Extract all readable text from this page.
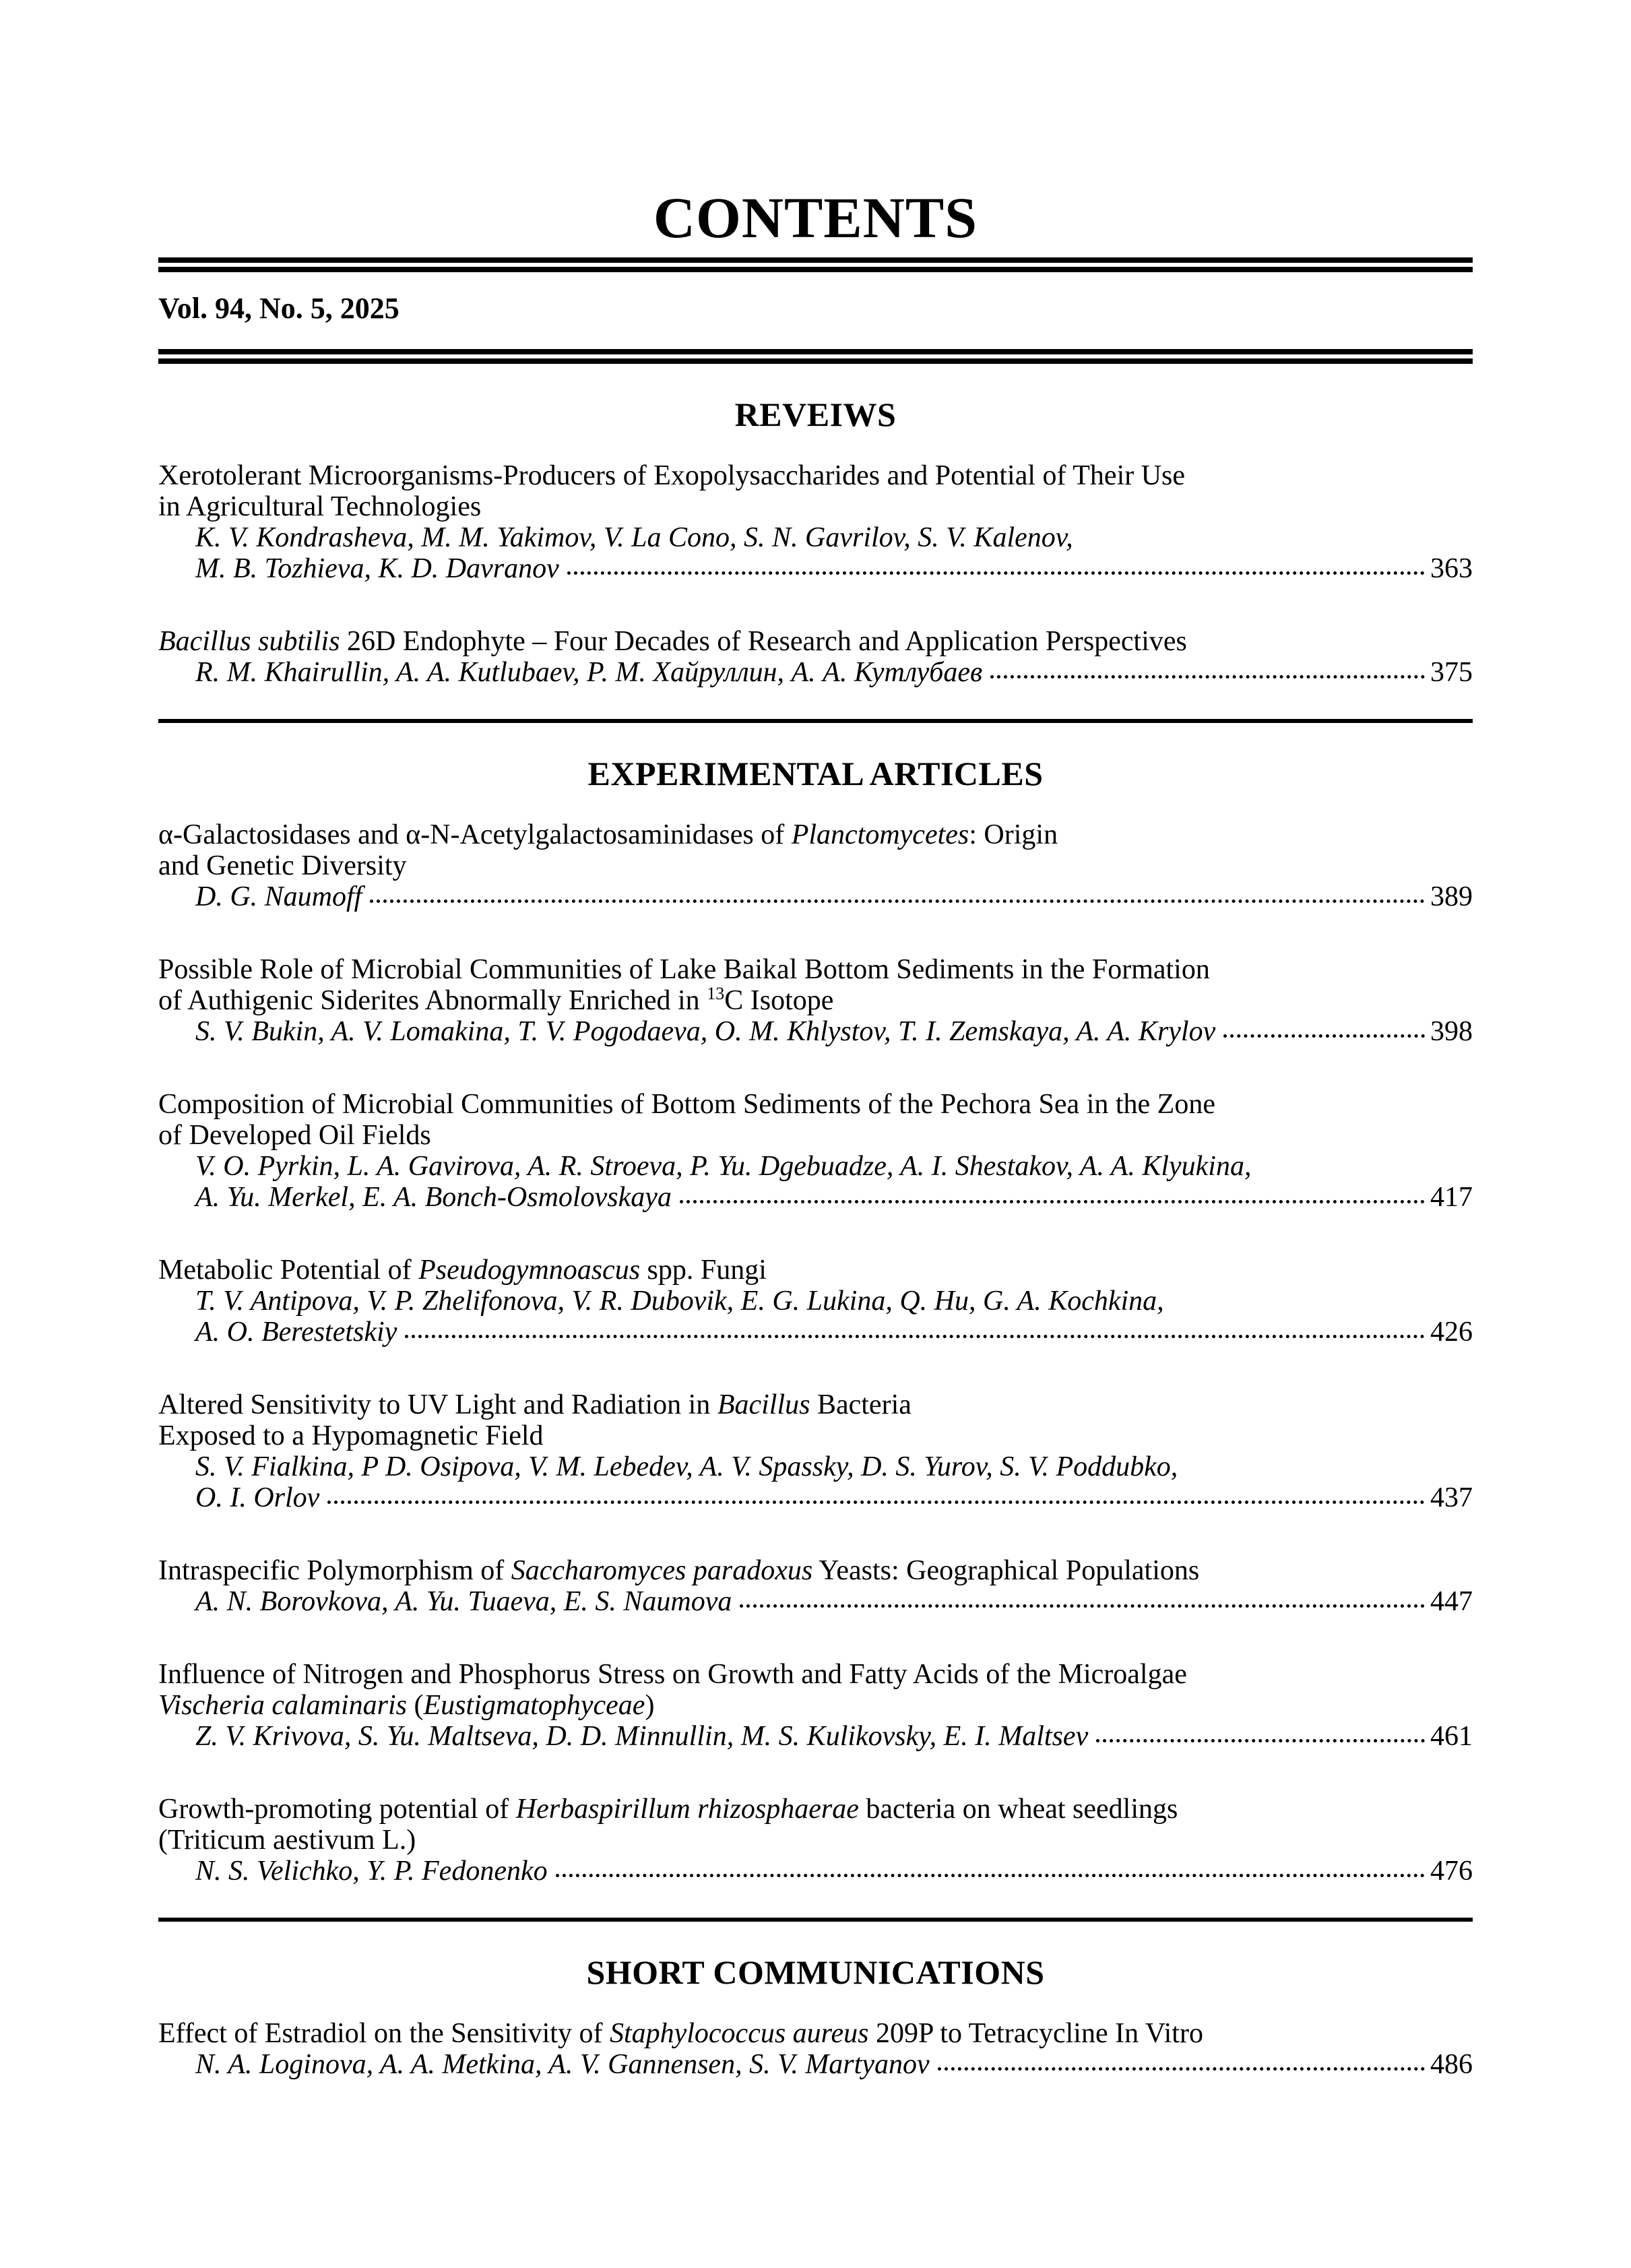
CONTENTS
Vol. 94, No. 5, 2025
REVEIWS
Xerotolerant Microorganisms-Producers of Exopolysaccharides and Potential of Their Use
in Agricultural Technologies
K. V. Kondrasheva, M. M. Yakimov, V. La Cono, S. N. Gavrilov, S. V. Kalenov,
M. B. Tozhieva, K. D. Davranov	363
Bacillus subtilis 26D Endophyte – Four Decades of Research and Application Perspectives
R. M. Khairullin, A. A. Kutlubaev, Р. М. Хайруллин, А. А. Кутлубаев	375
EXPERIMENTAL ARTICLES
α-Galactosidases and α-N-Acetylgalactosaminidases of Planctomycetes: Origin
and Genetic Diversity
D. G. Naumoff	389
Possible Role of Microbial Communities of Lake Baikal Bottom Sediments in the Formation
of Authigenic Siderites Abnormally Enriched in $^{13}$C Isotope
S. V. Bukin, A. V. Lomakina, T. V. Pogodaeva, O. M. Khlystov, T. I. Zemskaya, A. A. Krylov	398
Composition of Microbial Communities of Bottom Sediments of the Pechora Sea in the Zone
of Developed Oil Fields
V. O. Pyrkin, L. A. Gavirova, A. R. Stroeva, P. Yu. Dgebuadze, A. I. Shestakov, A. A. Klyukina,
A. Yu. Merkel, E. A. Bonch-Osmolovskaya	417
Metabolic Potential of Pseudogymnoascus spp. Fungi
T. V. Antipova, V. P. Zhelifonova, V. R. Dubovik, E. G. Lukina, Q. Hu, G. A. Kochkina,
A. O. Berestetskiy	426
Altered Sensitivity to UV Light and Radiation in Bacillus Bacteria
Exposed to a Hypomagnetic Field
S. V. Fialkina, P D. Osipova, V. M. Lebedev, A. V. Spassky, D. S. Yurov, S. V. Poddubko,
O. I. Orlov	437
Intraspecific Polymorphism of Saccharomyces paradoxus Yeasts: Geographical Populations
A. N. Borovkova, A. Yu. Tuaeva, E. S. Naumova	447
Influence of Nitrogen and Phosphorus Stress on Growth and Fatty Acids of the Microalgae
Vischeria calaminaris (Eustigmatophyceae)
Z. V. Krivova, S. Yu. Maltseva, D. D. Minnullin, M. S. Kulikovsky, E. I. Maltsev	461
Growth-promoting potential of Herbaspirillum rhizosphaerae bacteria on wheat seedlings
(Triticum aestivum L.)
N. S. Velichko, Y. P. Fedonenko	476
SHORT COMMUNICATIONS
Effect of Estradiol on the Sensitivity of Staphylococcus aureus 209P to Tetracycline In Vitro
N. A. Loginova, A. A. Metkina, A. V. Gannensen, S. V. Martyanov	486
